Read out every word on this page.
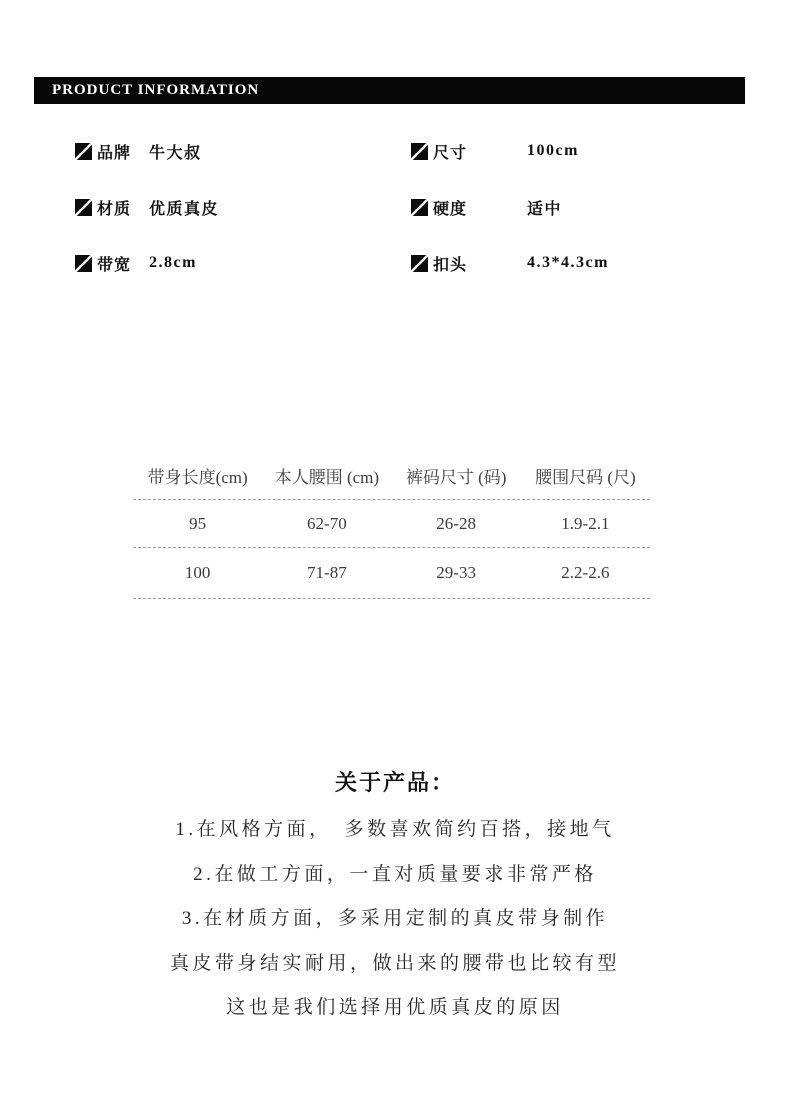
PRODUCT INFORMATION
品牌	牛大叔	尺寸	100cm
材质	优质真皮	硬度	适中
带宽	2.8cm	扣头	4.3*4.3cm
带身长度(cm)	本人腰围 (cm)	裤码尺寸 (码)	腰围尺码 (尺)
95	62-70	26-28	1.9-2.1
100	71-87	29-33	2.2-2.6
关于产品：
1.在风格方面，　多数喜欢简约百搭，接地气
2.在做工方面，一直对质量要求非常严格
3.在材质方面，多采用定制的真皮带身制作
真皮带身结实耐用，做出来的腰带也比较有型
这也是我们选择用优质真皮的原因
